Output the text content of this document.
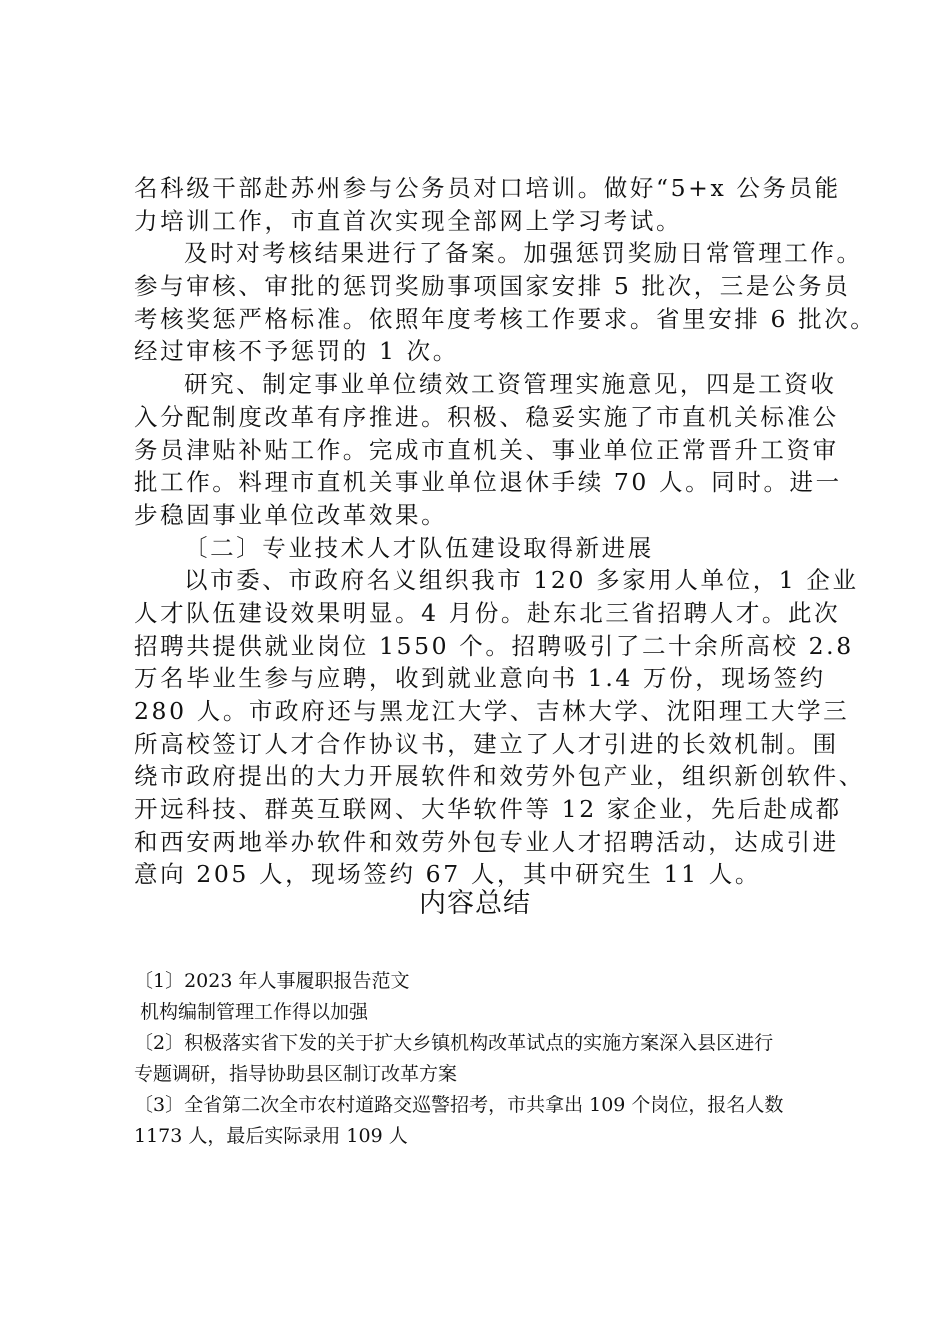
名科级干部赴苏州参与公务员对口培训。做好“5+x 公务员能
力培训工作，市直首次实现全部网上学习考试。
及时对考核结果进行了备案。加强惩罚奖励日常管理工作。
参与审核、审批的惩罚奖励事项国家安排 5 批次，三是公务员
考核奖惩严格标准。依照年度考核工作要求。省里安排 6 批次。
经过审核不予惩罚的 1 次。
研究、制定事业单位绩效工资管理实施意见，四是工资收
入分配制度改革有序推进。积极、稳妥实施了市直机关标准公
务员津贴补贴工作。完成市直机关、事业单位正常晋升工资审
批工作。料理市直机关事业单位退休手续 70 人。同时。进一
步稳固事业单位改革效果。
〔二〕专业技术人才队伍建设取得新进展
以市委、市政府名义组织我市 120 多家用人单位，1 企业
人才队伍建设效果明显。4 月份。赴东北三省招聘人才。此次
招聘共提供就业岗位 1550 个。招聘吸引了二十余所高校 2.8
万名毕业生参与应聘，收到就业意向书 1.4 万份，现场签约
280 人。市政府还与黑龙江大学、吉林大学、沈阳理工大学三
所高校签订人才合作协议书，建立了人才引进的长效机制。围
绕市政府提出的大力开展软件和效劳外包产业，组织新创软件、
开远科技、群英互联网、大华软件等 12 家企业，先后赴成都
和西安两地举办软件和效劳外包专业人才招聘活动，达成引进
意向 205 人，现场签约 67 人，其中研究生 11 人。
内容总结
〔1〕2023 年人事履职报告范文
机构编制管理工作得以加强
〔2〕积极落实省下发的关于扩大乡镇机构改革试点的实施方案深入县区进行
专题调研，指导协助县区制订改革方案
〔3〕全省第二次全市农村道路交巡警招考，市共拿出 109 个岗位，报名人数
1173 人，最后实际录用 109 人
